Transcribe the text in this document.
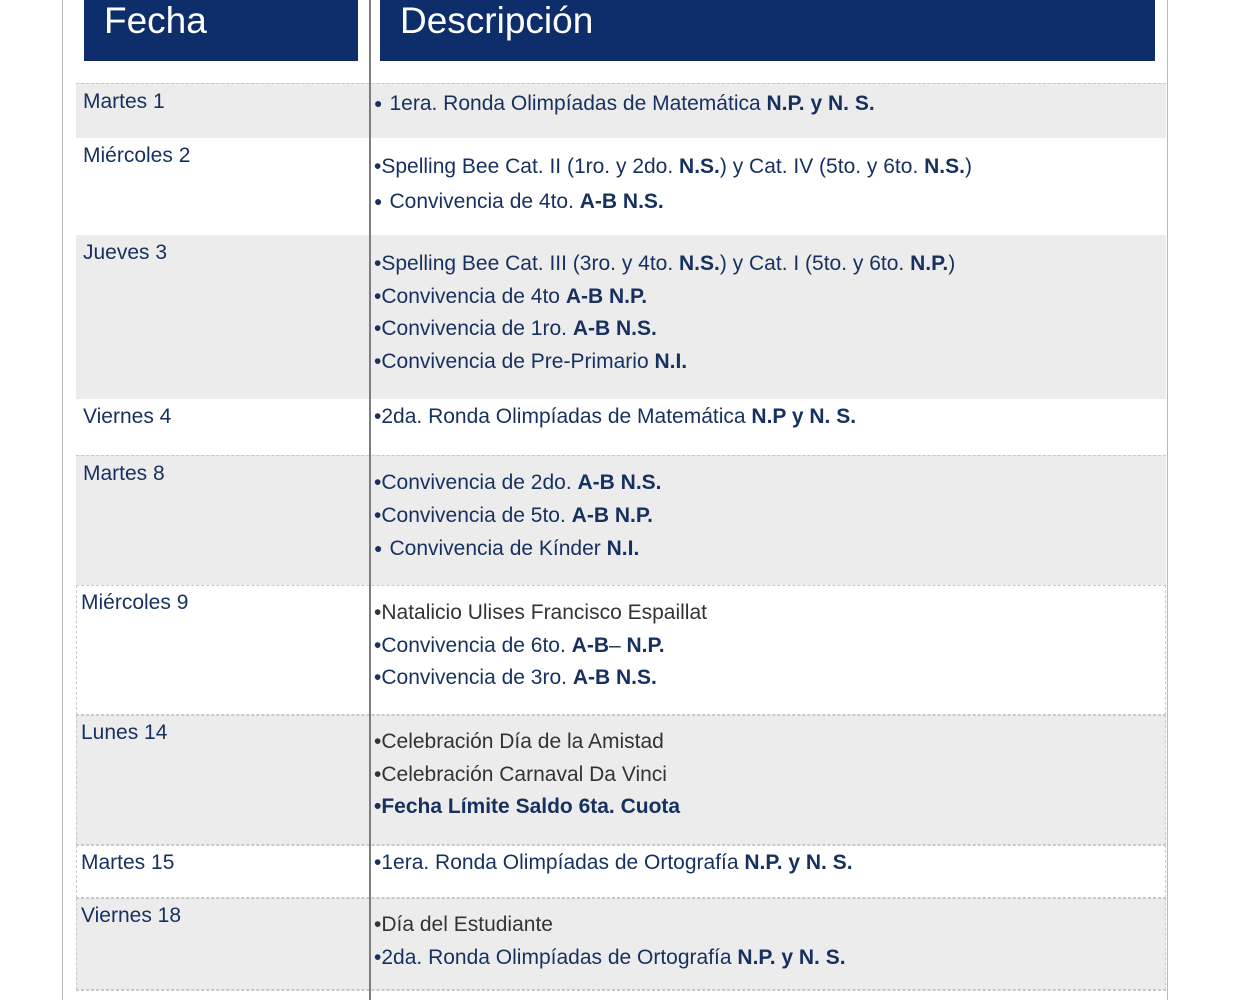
Fecha	Descripción
Martes 1	● 1era. Ronda Olimpíadas de Matemática N.P. y N. S.
Miércoles 2	•Spelling Bee Cat. II (1ro. y 2do. N.S.) y Cat. IV (5to. y 6to. N.S.)
● Convivencia de 4to. A-B N.S.
Jueves 3	•Spelling Bee Cat. III (3ro. y 4to. N.S.) y Cat. I (5to. y 6to. N.P.)
•Convivencia de 4to A-B N.P.
•Convivencia de 1ro. A-B N.S.
•Convivencia de Pre-Primario N.I.
Viernes 4	•2da. Ronda Olimpíadas de Matemática N.P y N. S.
Martes 8	•Convivencia de 2do. A-B N.S.
•Convivencia de 5to. A-B N.P.
● Convivencia de Kínder N.I.
Miércoles 9	•Natalicio Ulises Francisco Espaillat
•Convivencia de 6to. A-B– N.P.
•Convivencia de 3ro. A-B N.S.
Lunes 14	•Celebración Día de la Amistad
•Celebración Carnaval Da Vinci
•Fecha Límite Saldo 6ta. Cuota
Martes 15	•1era. Ronda Olimpíadas de Ortografía N.P. y N. S.
Viernes 18	•Día del Estudiante
•2da. Ronda Olimpíadas de Ortografía N.P. y N. S.
